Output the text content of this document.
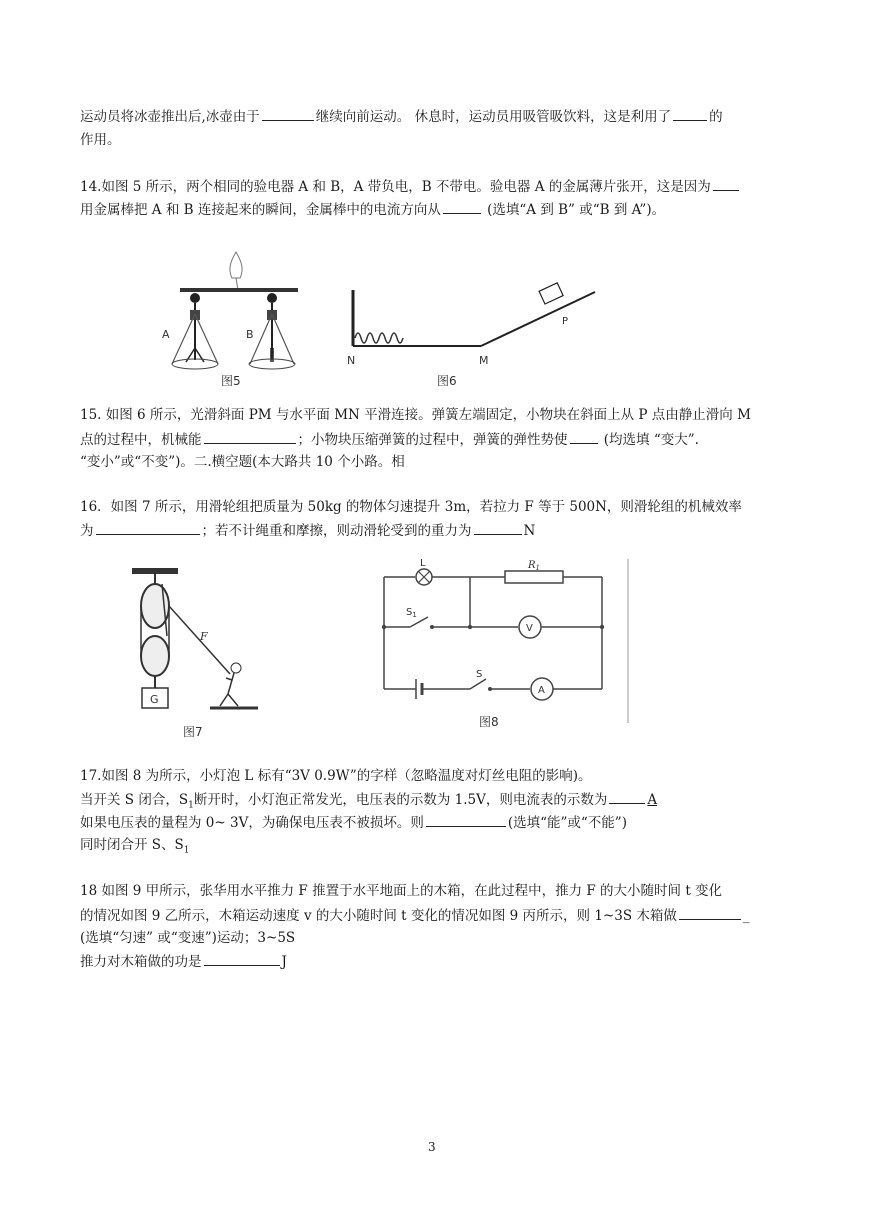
运动员将冰壶推出后,冰壶由于	继续向前运动。 休息时，运动员用吸管吸饮料，这是利用了	的
作用。
14.如图 5 所示，两个相同的验电器 A 和 B，A 带负电，B 不带电。验电器 A 的金属薄片张开，这是因为
用金属棒把 A 和 B 连接起来的瞬间，金属棒中的电流方向从	(选填“A 到 B” 或“B 到 A”)。
A	B
图5
N	M
P
图6
15. 如图 6 所示，光滑斜面 PM 与水平面 MN 平滑连接。弹簧左端固定，小物块在斜面上从 P 点由静止滑向 M
点的过程中，机械能	；小物块压缩弹簧的过程中，弹簧的弹性势使 (均选填 “变大”.
“变小”或“不变”)。二.横空题(本大路共 10 个小路。相
16．如图 7 所示，用滑轮组把质量为 50kg 的物体匀速提升 3m，若拉力 F 等于 500N，则滑轮组的机械效率
为	；若不计绳重和摩擦，则动滑轮受到的重力为	N
G
F
图7
L	$R_1$
$S_1$
S
V
A
图8
17.如图 8 为所示，小灯泡 L 标有“3V 0.9W”的字样（忽略温度对灯丝电阻的影响)。
当开关 S 闭合，$S_1$断开时，小灯泡正常发光，电压表的示数为 1.5V，则电流表的示数为	A
如果电压表的量程为 0~ 3V，为确保电压表不被损坏。则	(选填“能”或“不能”)
同时闭合开 S、$S_1$
18 如图 9 甲所示，张华用水平推力 F 推置于水平地面上的木箱，在此过程中，推力 F 的大小随时间 t 变化
的情况如图 9 乙所示，木箱运动速度 v 的大小随时间 t 变化的情况如图 9 丙所示，则 1~3S 木箱做	_
(选填“匀速” 或“变速”)运动；3~5S
推力对木箱做的功是	J
3
